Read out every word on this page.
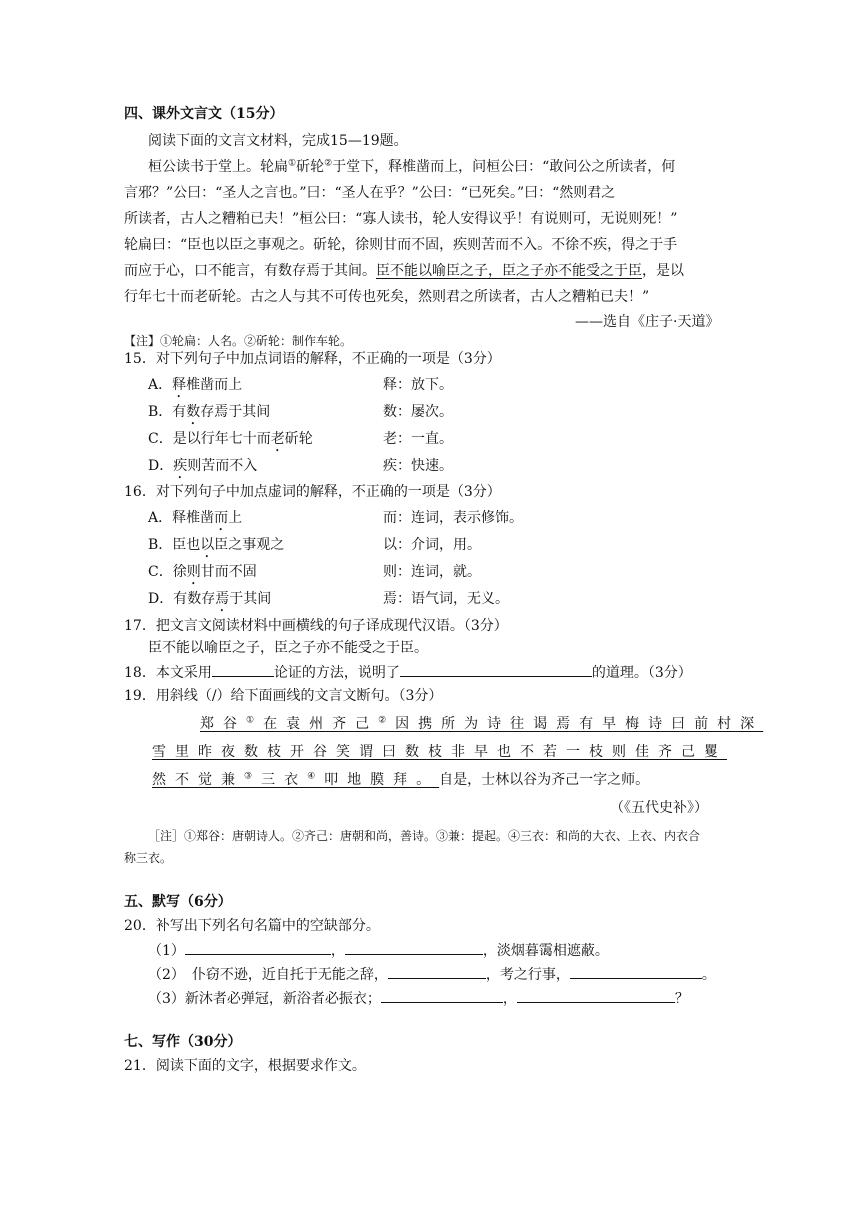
四、课外文言文（15分）
阅读下面的文言文材料，完成15—19题。
桓公读书于堂上。轮扁①斫轮②于堂下，释椎凿而上，问桓公曰：“敢问公之所读者，何
言邪？”公曰：“圣人之言也。”曰：“圣人在乎？”公曰：“已死矣。”曰：“然则君之
所读者，古人之糟粕已夫！”桓公曰：“寡人读书，轮人安得议乎！有说则可，无说则死！”
轮扁曰：“臣也以臣之事观之。斫轮，徐则甘而不固，疾则苦而不入。不徐不疾，得之于手
而应于心，口不能言，有数存焉于其间。臣不能以喻臣之子，臣之子亦不能受之于臣，是以
行年七十而老斫轮。古之人与其不可传也死矣，然则君之所读者，古人之糟粕已夫！”
——选自《庄子·天道》
【注】①轮扁：人名。②斫轮：制作车轮。
15．对下列句子中加点词语的解释，不正确的一项是（3分）
A．释椎凿而上	释：放下。
B．有数存焉于其间	数：屡次。
C．是以行年七十而老斫轮	老：一直。
D．疾则苦而不入	疾：快速。
16．对下列句子中加点虚词的解释，不正确的一项是（3分）
A．释椎凿而上	而：连词，表示修饰。
B．臣也以臣之事观之	以：介词，用。
C．徐则甘而不固	则：连词，就。
D．有数存焉于其间	焉：语气词，无义。
17．把文言文阅读材料中画横线的句子译成现代汉语。（3分）
臣不能以喻臣之子，臣之子亦不能受之于臣。
18．本文采用	论证的方法，说明了	的道理。（3分）
19．用斜线（/）给下面画线的文言文断句。（3分）
郑谷①在袁州齐己②因携所为诗往谒焉有早梅诗曰前村深
雪里昨夜数枝开谷笑谓曰数枝非早也不若一枝则佳齐己矍
然不觉兼③三衣④叩地膜拜。自是，士林以谷为齐己一字之师。
（《五代史补》）
［注］①郑谷：唐朝诗人。②齐己：唐朝和尚，善诗。③兼：提起。④三衣：和尚的大衣、上衣、内衣合
称三衣。
五、默写（6分）
20．补写出下列名句名篇中的空缺部分。
（1）	，	，淡烟暮霭相遮蔽。
（2）　仆窃不逊，近自托于无能之辞，	，考之行事，	。
（3）新沐者必弹冠，新浴者必振衣；	，	？
七、写作（30分）
21．阅读下面的文字，根据要求作文。
